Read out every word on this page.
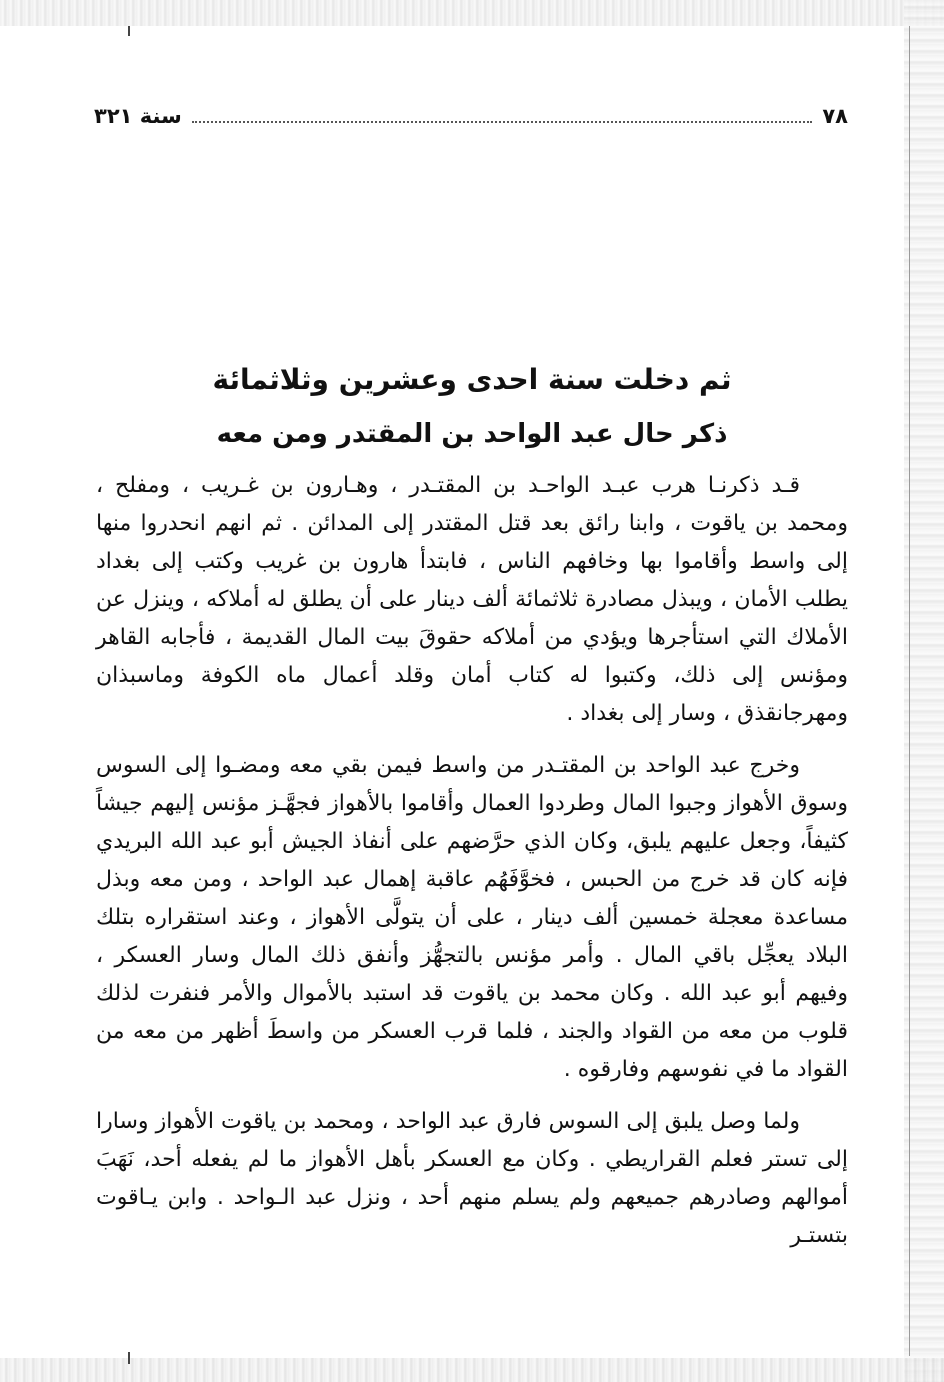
٧٨
سنة ٣٢١
ثم دخلت سنة احدى وعشرين وثلاثمائة
ذكر حال عبد الواحد بن المقتدر ومن معه

قـد ذكرنـا هرب عبـد الواحـد بن المقتـدر ، وهـارون بن غـريب ، ومفلح ، ومحمد بن ياقوت ، وابنا رائق بعد قتل المقتدر إلى المدائن . ثم انهم انحدروا منها إلى واسط وأقاموا بها وخافهم الناس ، فابتدأ هارون بن غريب وكتب إلى بغداد يطلب الأمان ، ويبذل مصادرة ثلاثمائة ألف دينار على أن يطلق له أملاكه ، وينزل عن الأملاك التي استأجرها ويؤدي من أملاكه حقوقَ بيت المال القديمة ، فأجابه القاهر ومؤنس إلى ذلك، وكتبوا له كتاب أمان وقلد أعمال ماه الكوفة وماسبذان ومهرجانقذق ، وسار إلى بغداد .

وخرج عبد الواحد بن المقتـدر من واسط فيمن بقي معه ومضـوا إلى السوس وسوق الأهواز وجبوا المال وطردوا العمال وأقاموا بالأهواز فجهَّـز مؤنس إليهم جيشاً كثيفاً، وجعل عليهم يلبق، وكان الذي حرَّضهم على أنفاذ الجيش أبو عبد الله البريدي فإنه كان قد خرج من الحبس ، فخوَّفَهُم عاقبة إهمال عبد الواحد ، ومن معه وبذل مساعدة معجلة خمسين ألف دينار ، على أن يتولَّى الأهواز ، وعند استقراره بتلك البلاد يعجِّل باقي المال . وأمر مؤنس بالتجهُّز وأنفق ذلك المال وسار العسكر ، وفيهم أبو عبد الله . وكان محمد بن ياقوت قد استبد بالأموال والأمر فنفرت لذلك قلوب من معه من القواد والجند ، فلما قرب العسكر من واسطَ أظهر من معه من القواد ما في نفوسهم وفارقوه .

ولما وصل يلبق إلى السوس فارق عبد الواحد ، ومحمد بن ياقوت الأهواز وسارا إلى تستر فعلم القراريطي . وكان مع العسكر بأهل الأهواز ما لم يفعله أحد، نَهَبَ أموالهم وصادرهم جميعهم ولم يسلم منهم أحد ، ونزل عبد الـواحد . وابن يـاقوت بتستـر
